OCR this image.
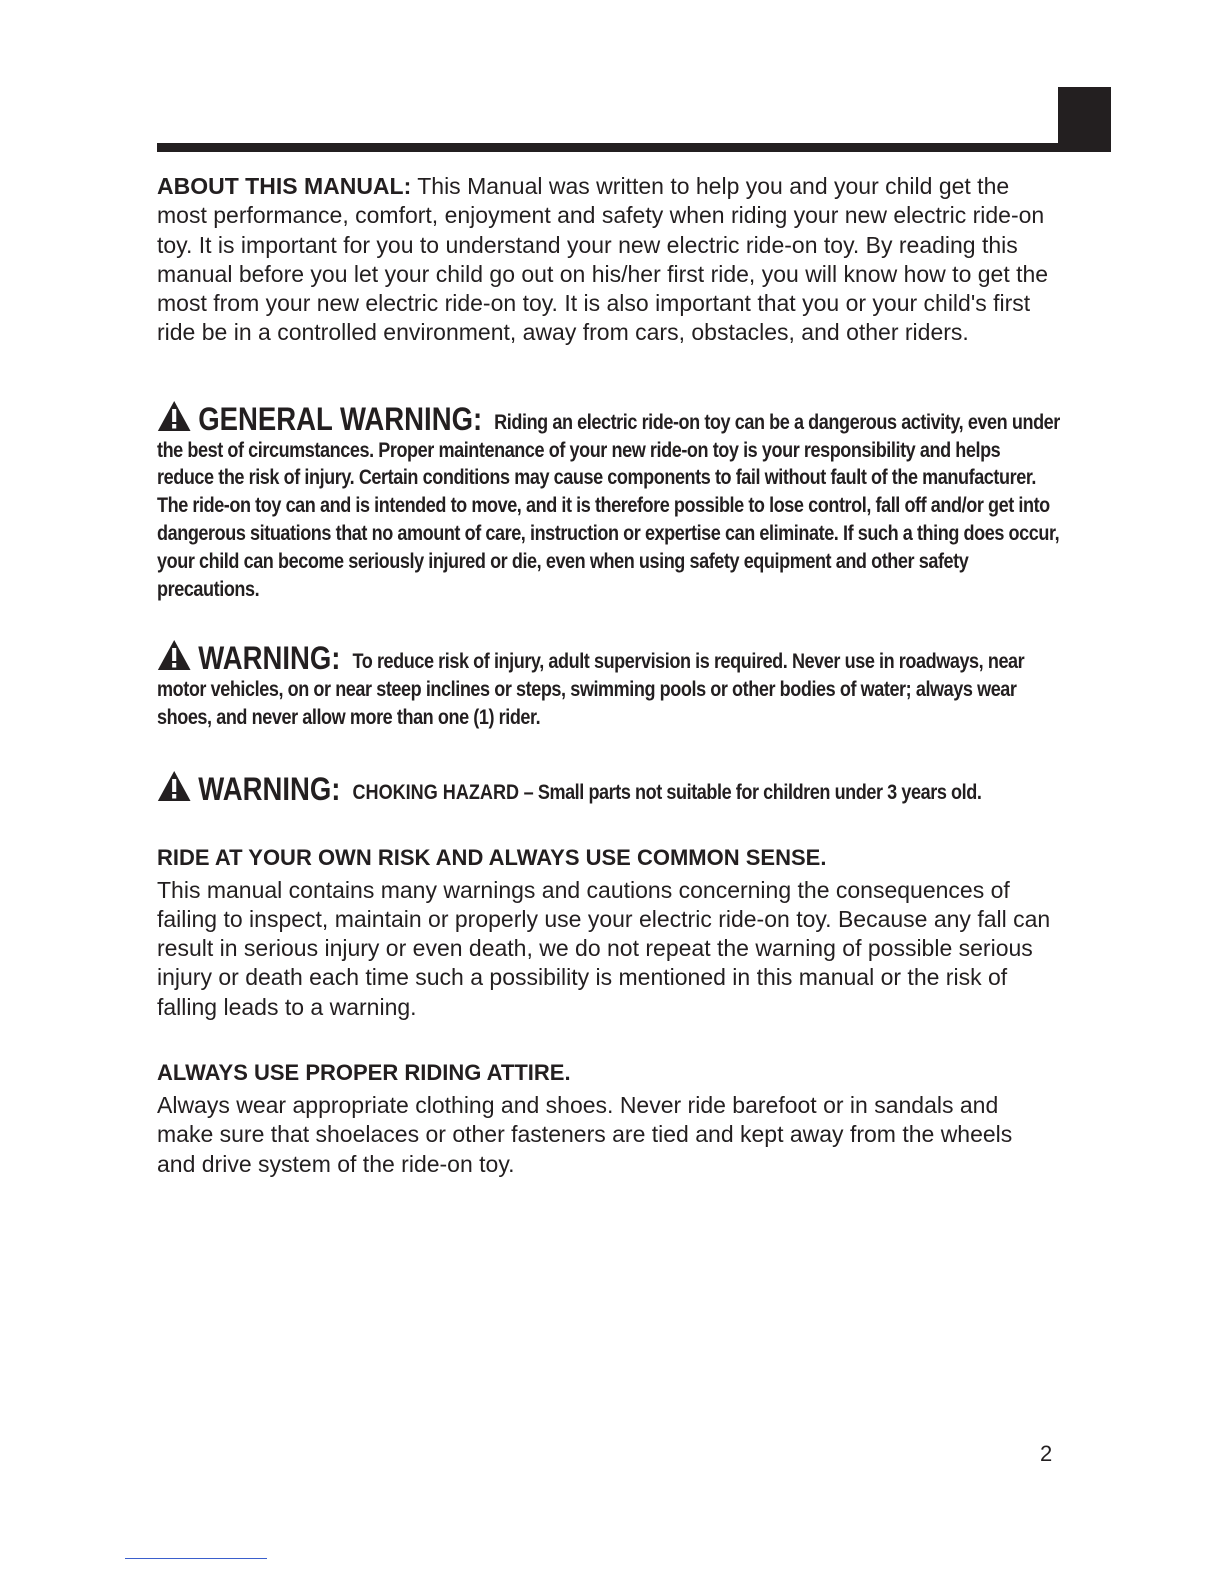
ABOUT THIS MANUAL: This Manual was written to help you and your child get the most performance, comfort, enjoyment and safety when riding your new electric ride-on toy. It is important for you to understand your new electric ride-on toy. By reading this manual before you let your child go out on his/her first ride, you will know how to get the most from your new electric ride-on toy. It is also important that you or your child's first ride be in a controlled environment, away from cars, obstacles, and other riders.

GENERAL WARNING: Riding an electric ride-on toy can be a dangerous activity, even under the best of circumstances. Proper maintenance of your new ride-on toy is your responsibility and helps reduce the risk of injury. Certain conditions may cause components to fail without fault of the manufacturer. The ride-on toy can and is intended to move, and it is therefore possible to lose control, fall off and/or get into dangerous situations that no amount of care, instruction or expertise can eliminate. If such a thing does occur, your child can become seriously injured or die, even when using safety equipment and other safety precautions.

WARNING: To reduce risk of injury, adult supervision is required. Never use in roadways, near motor vehicles, on or near steep inclines or steps, swimming pools or other bodies of water; always wear shoes, and never allow more than one (1) rider.

WARNING: CHOKING HAZARD – Small parts not suitable for children under 3 years old.

RIDE AT YOUR OWN RISK AND ALWAYS USE COMMON SENSE.

This manual contains many warnings and cautions concerning the consequences of failing to inspect, maintain or properly use your electric ride-on toy. Because any fall can result in serious injury or even death, we do not repeat the warning of possible serious injury or death each time such a possibility is mentioned in this manual or the risk of falling leads to a warning.

ALWAYS USE PROPER RIDING ATTIRE.

Always wear appropriate clothing and shoes. Never ride barefoot or in sandals and make sure that shoelaces or other fasteners are tied and kept away from the wheels and drive system of the ride-on toy.

2
